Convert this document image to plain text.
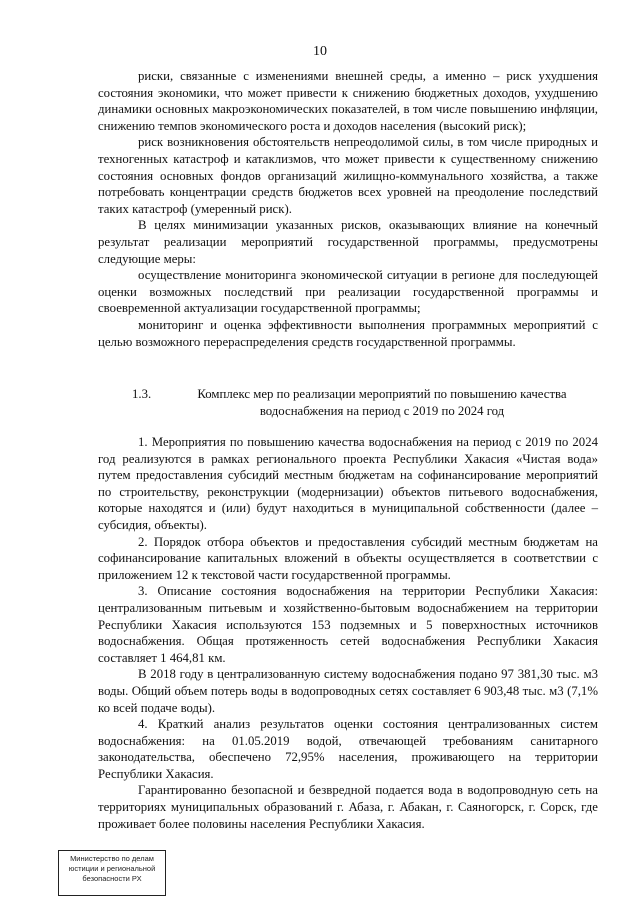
10

риски, связанные с изменениями внешней среды, а именно – риск ухудшения состояния экономики, что может привести к снижению бюджетных доходов, ухудшению динамики основных макроэкономических показателей, в том числе повышению инфляции, снижению темпов экономического роста и доходов населения (высокий риск);

риск возникновения обстоятельств непреодолимой силы, в том числе природных и техногенных катастроф и катаклизмов, что может привести к существенному снижению состояния основных фондов организаций жилищно-коммунального хозяйства, а также потребовать концентрации средств бюджетов всех уровней на преодоление последствий таких катастроф (умеренный риск).

В целях минимизации указанных рисков, оказывающих влияние на конечный результат реализации мероприятий государственной программы, предусмотрены следующие меры:

осуществление мониторинга экономической ситуации в регионе для последующей оценки возможных последствий при реализации государственной программы и своевременной актуализации государственной программы;

мониторинг и оценка эффективности выполнения программных мероприятий с целью возможного перераспределения средств государственной программы.

1.3.	Комплекс мер по реализации мероприятий по повышению качества водоснабжения на период с 2019 по 2024 год

1. Мероприятия по повышению качества водоснабжения на период с 2019 по 2024 год реализуются в рамках регионального проекта Республики Хакасия «Чистая вода» путем предоставления субсидий местным бюджетам на софинансирование мероприятий по строительству, реконструкции (модернизации) объектов питьевого водоснабжения, которые находятся и (или) будут находиться в муниципальной собственности (далее – субсидия, объекты).

2. Порядок отбора объектов и предоставления субсидий местным бюджетам на софинансирование капитальных вложений в объекты осуществляется в соответствии с приложением 12 к текстовой части государственной программы.

3. Описание состояния водоснабжения на территории Республики Хакасия: централизованным питьевым и хозяйственно-бытовым водоснабжением на территории Республики Хакасия используются 153 подземных и 5 поверхностных источников водоснабжения. Общая протяженность сетей водоснабжения Республики Хакасия составляет 1 464,81 км.

В 2018 году в централизованную систему водоснабжения подано 97 381,30 тыс. м3 воды. Общий объем потерь воды в водопроводных сетях составляет 6 903,48 тыс. м3 (7,1% ко всей подаче воды).

4. Краткий анализ результатов оценки состояния централизованных систем водоснабжения: на 01.05.2019 водой, отвечающей требованиям санитарного законодательства, обеспечено 72,95% населения, проживающего на территории Республики Хакасия.

Гарантированно безопасной и безвредной подается вода в водопроводную сеть на территориях муниципальных образований г. Абаза, г. Абакан, г. Саяногорск, г. Сорск, где проживает более половины населения Республики Хакасия.

Министерство по делам
юстиции и региональной
безопасности РХ
